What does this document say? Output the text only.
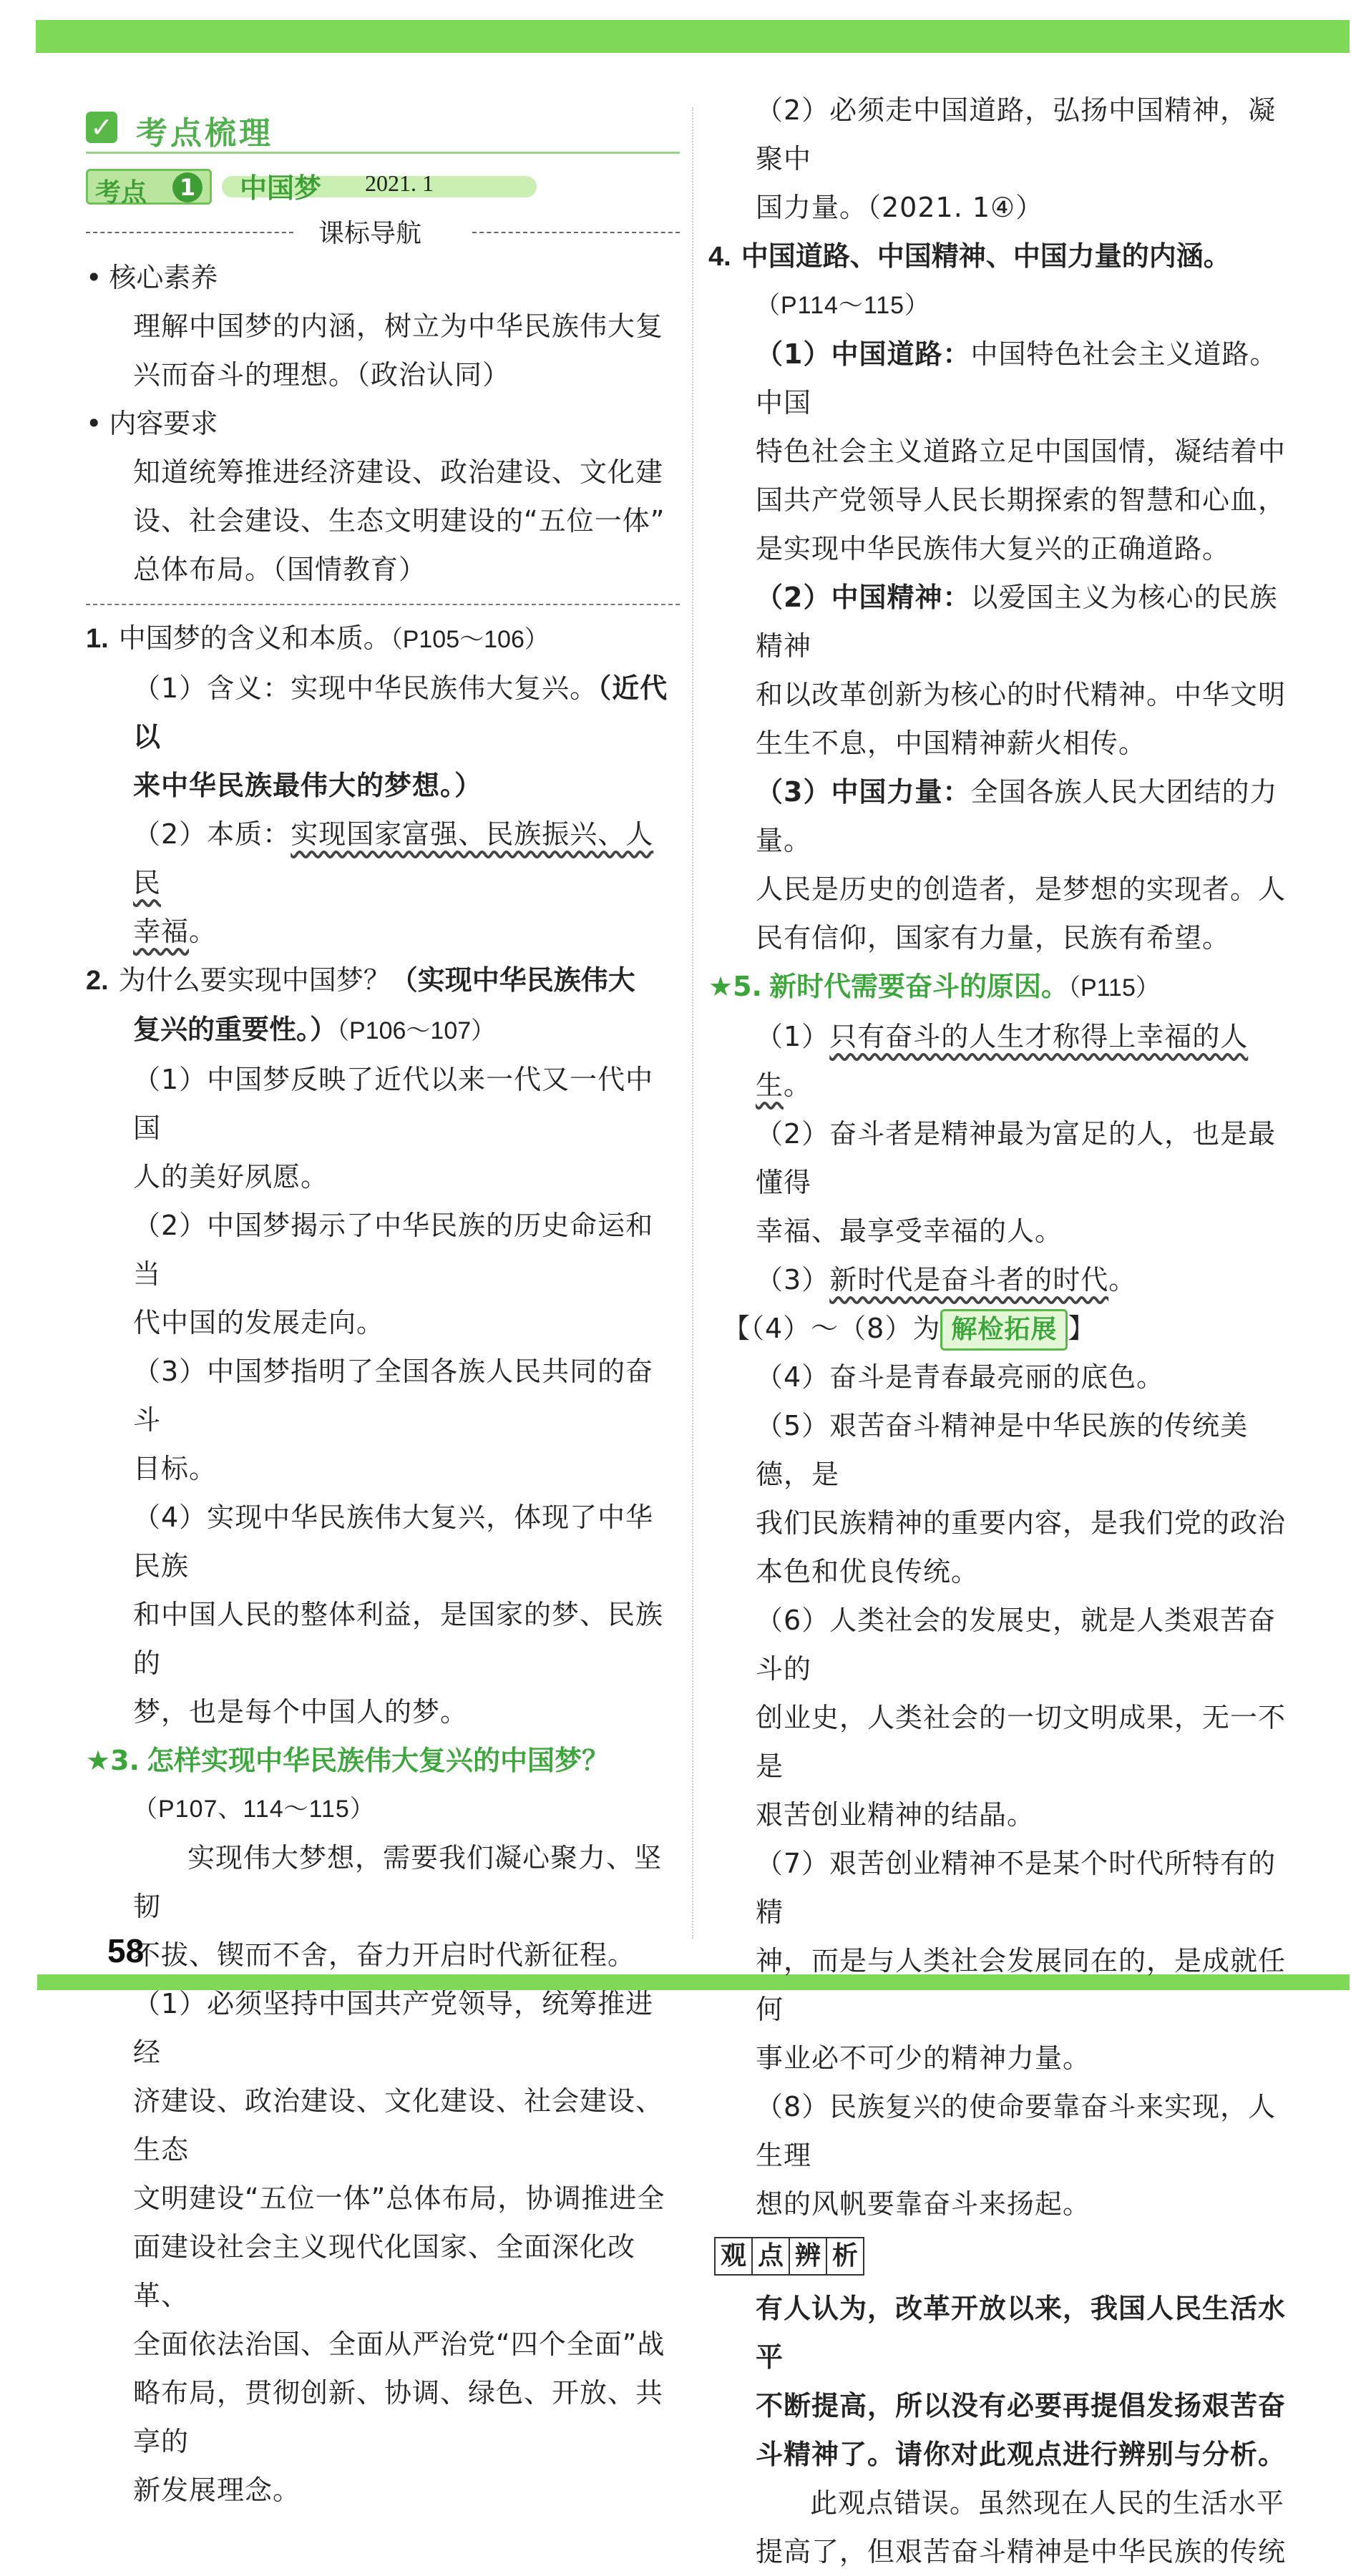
✓ 考点梳理
考点	1 中国梦 2021. 1
课标导航

• 核心素养

理解中国梦的内涵，树立为中华民族伟大复

兴而奋斗的理想。（政治认同）

• 内容要求

知道统筹推进经济建设、政治建设、文化建

设、社会建设、生态文明建设的“五位一体”

总体布局。（国情教育）

1. 中国梦的含义和本质。（P105～106）

（1）含义：实现中华民族伟大复兴。（近代以

来中华民族最伟大的梦想。）

（2）本质：实现国家富强、民族振兴、人民

幸福。

2. 为什么要实现中国梦？（实现中华民族伟大

复兴的重要性。）（P106～107）

（1）中国梦反映了近代以来一代又一代中国

人的美好夙愿。

（2）中国梦揭示了中华民族的历史命运和当

代中国的发展走向。

（3）中国梦指明了全国各族人民共同的奋斗

目标。

（4）实现中华民族伟大复兴，体现了中华民族

和中国人民的整体利益，是国家的梦、民族的

梦，也是每个中国人的梦。

★3. 怎样实现中华民族伟大复兴的中国梦？

（P107、114～115）

实现伟大梦想，需要我们凝心聚力、坚韧

不拔、锲而不舍，奋力开启时代新征程。

（1）必须坚持中国共产党领导，统筹推进经

济建设、政治建设、文化建设、社会建设、生态

文明建设“五位一体”总体布局，协调推进全

面建设社会主义现代化国家、全面深化改革、

全面依法治国、全面从严治党“四个全面”战

略布局，贯彻创新、协调、绿色、开放、共享的

新发展理念。

（2）必须走中国道路，弘扬中国精神，凝聚中

国力量。（2021. 1④）

4. 中国道路、中国精神、中国力量的内涵。

（P114～115）

（1）中国道路：中国特色社会主义道路。中国

特色社会主义道路立足中国国情，凝结着中

国共产党领导人民长期探索的智慧和心血，

是实现中华民族伟大复兴的正确道路。

（2）中国精神：以爱国主义为核心的民族精神

和以改革创新为核心的时代精神。中华文明

生生不息，中国精神薪火相传。

（3）中国力量：全国各族人民大团结的力量。

人民是历史的创造者，是梦想的实现者。人

民有信仰，国家有力量，民族有希望。

★5. 新时代需要奋斗的原因。（P115）

（1）只有奋斗的人生才称得上幸福的人生。

（2）奋斗者是精神最为富足的人，也是最懂得

幸福、最享受幸福的人。

（3）新时代是奋斗者的时代。

【（4）～（8）为 解检拓展 】

（4）奋斗是青春最亮丽的底色。

（5）艰苦奋斗精神是中华民族的传统美德，是

我们民族精神的重要内容，是我们党的政治

本色和优良传统。

（6）人类社会的发展史，就是人类艰苦奋斗的

创业史，人类社会的一切文明成果，无一不是

艰苦创业精神的结晶。

（7）艰苦创业精神不是某个时代所特有的精

神，而是与人类社会发展同在的，是成就任何

事业必不可少的精神力量。

（8）民族复兴的使命要靠奋斗来实现，人生理

想的风帆要靠奋斗来扬起。

观 点 辨 析

有人认为，改革开放以来，我国人民生活水平

不断提高，所以没有必要再提倡发扬艰苦奋

斗精神了。请你对此观点进行辨别与分析。

此观点错误。虽然现在人民的生活水平

提高了，但艰苦奋斗精神是中华民族的传统

58
